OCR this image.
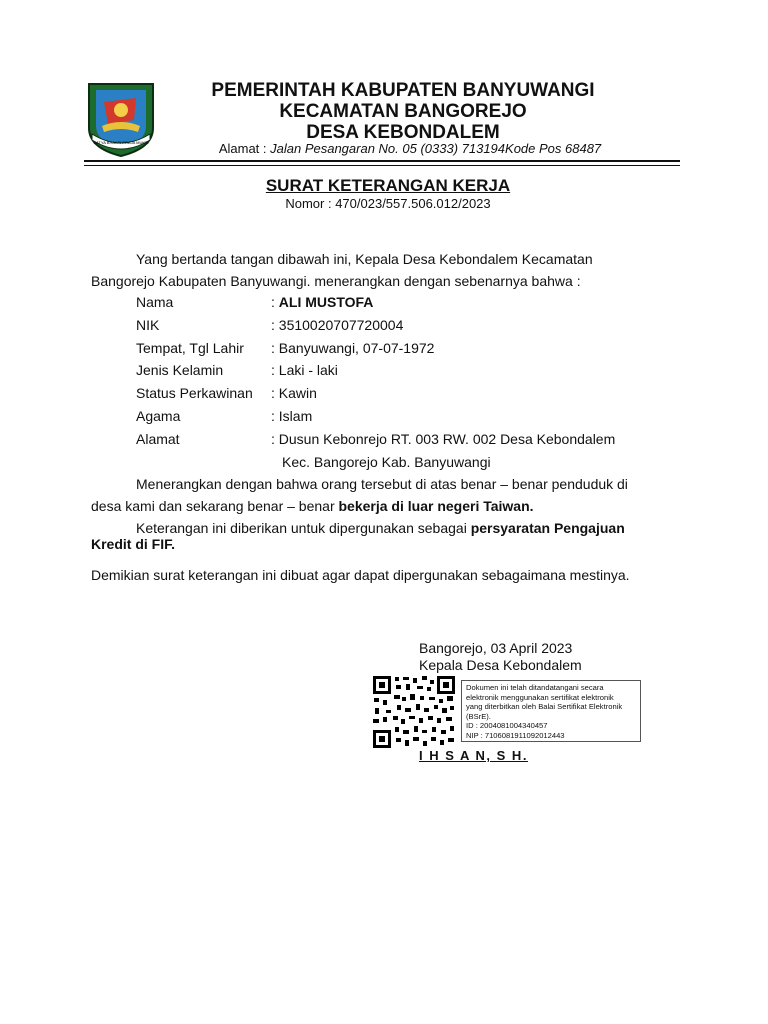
SATYA BHAKTI PRAJA MUKTI
PEMERINTAH KABUPATEN BANYUWANGI
KECAMATAN BANGOREJO
DESA KEBONDALEM
Alamat : Jalan Pesangaran No. 05 (0333) 713194Kode Pos 68487
SURAT KETERANGAN KERJA
Nomor : 470/023/557.506.012/2023
Yang bertanda tangan dibawah ini, Kepala Desa Kebondalem Kecamatan
Bangorejo Kabupaten Banyuwangi. menerangkan dengan sebenarnya bahwa :
Nama	: ALI MUSTOFA
NIK	: 3510020707720004
Tempat, Tgl Lahir : Banyuwangi, 07-07-1972
Jenis Kelamin	: Laki - laki
Status Perkawinan : Kawin
Agama	: Islam
Alamat	: Dusun Kebonrejo RT. 003 RW. 002 Desa Kebondalem
Kec. Bangorejo Kab. Banyuwangi
Menerangkan dengan bahwa orang tersebut di atas benar – benar penduduk di
desa kami dan sekarang benar – benar bekerja di luar negeri Taiwan.
Keterangan ini diberikan untuk dipergunakan sebagai persyaratan Pengajuan
Kredit di FIF.
Demikian surat keterangan ini dibuat agar dapat dipergunakan sebagaimana mestinya.
Bangorejo, 03 April 2023
Kepala Desa Kebondalem
Dokumen ini telah ditandatangani secara
elektronik menggunakan sertifikat elektronik
yang diterbitkan oleh Balai Sertifikat Elektronik
(BSrE).
ID : 2004081004340457
NIP : 7106081911092012443
I H S A N, S H.
